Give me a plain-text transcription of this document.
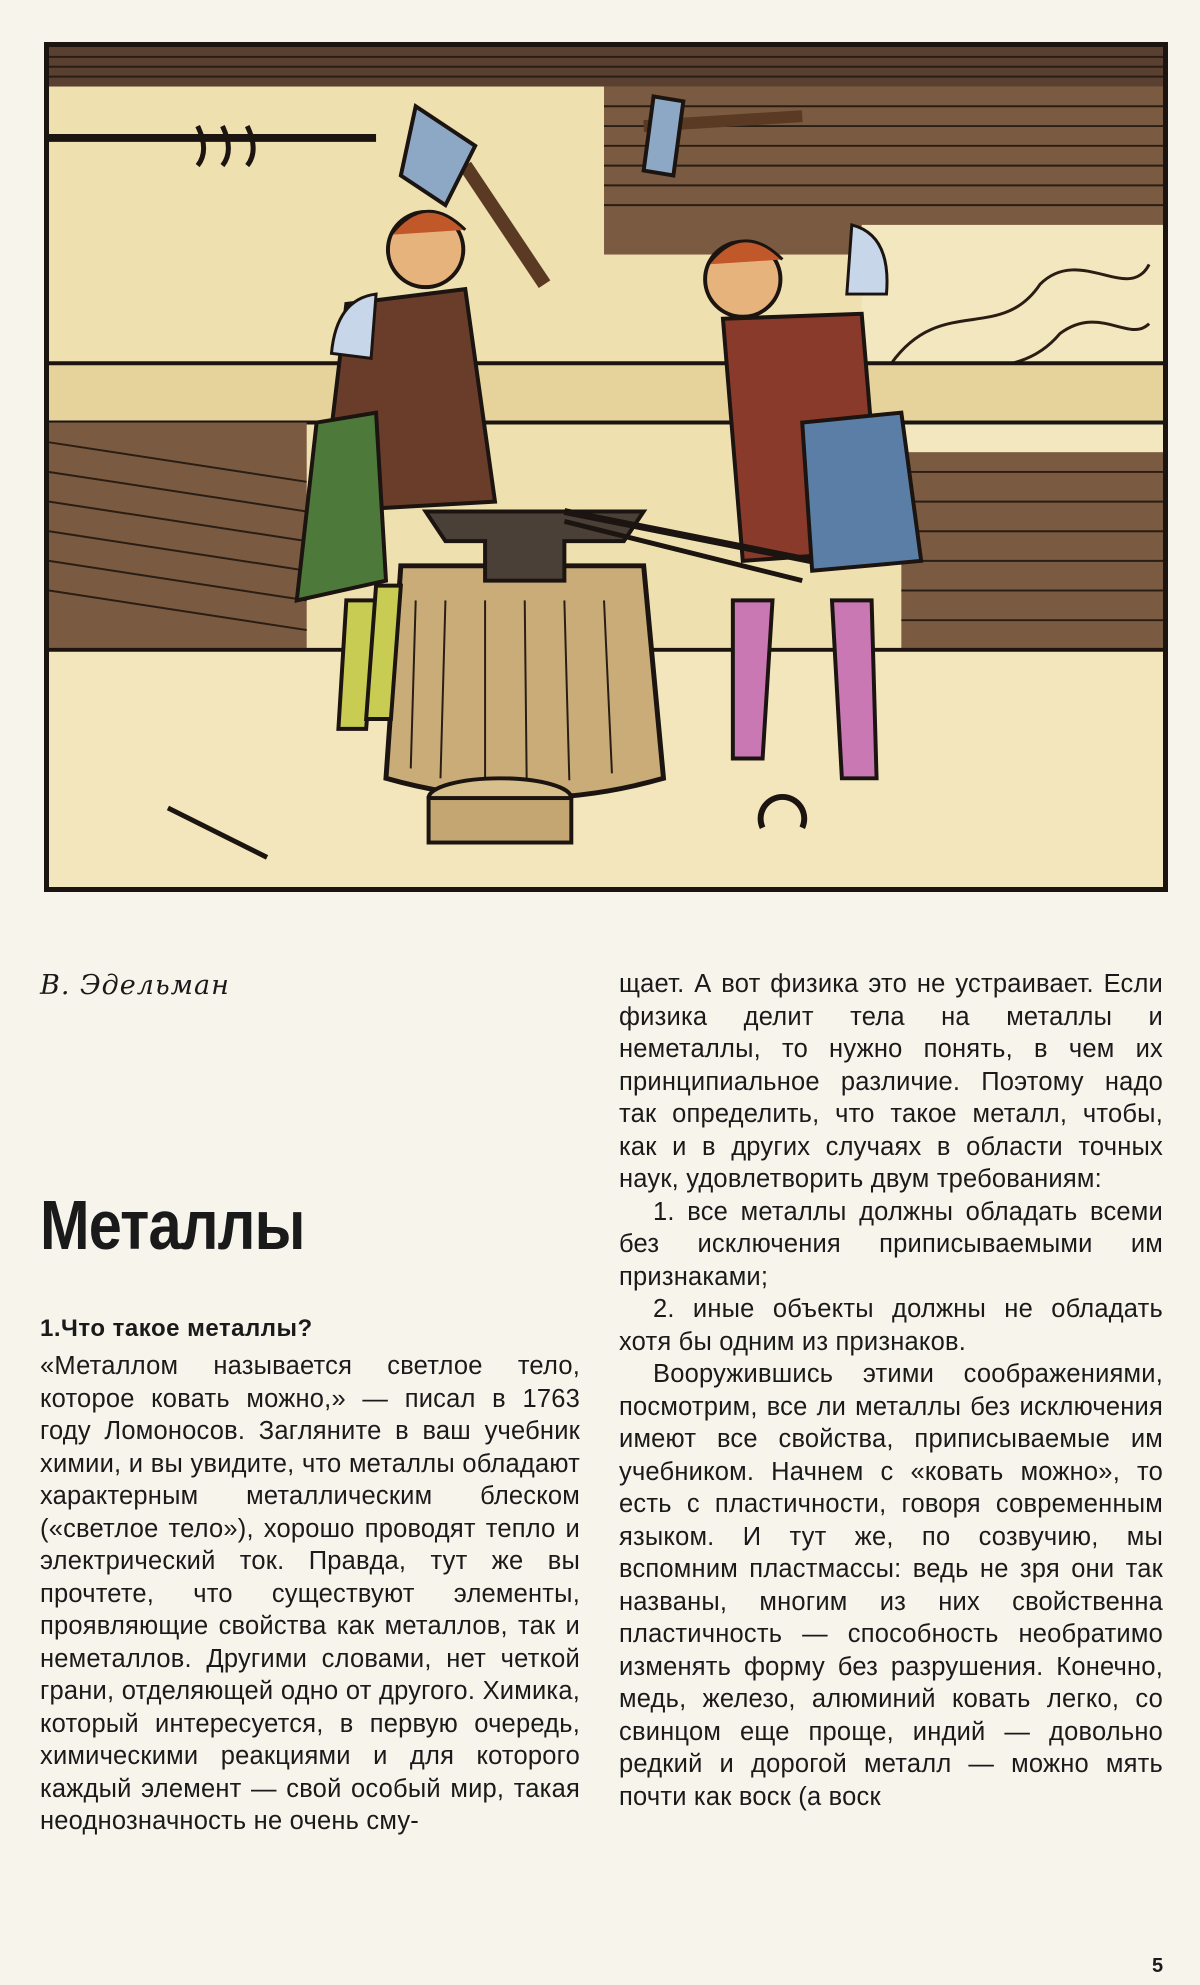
В. Эдельман
Металлы
1.Что такое металлы?

«Металлом называется светлое тело, которое ковать можно,» — писал в 1763 году Ломоносов. Загляните в ваш учебник химии, и вы увидите, что металлы обладают характерным металлическим блеском («светлое тело»), хорошо проводят тепло и электрический ток. Правда, тут же вы прочтете, что существуют элементы, проявляющие свойства как металлов, так и неметаллов. Другими словами, нет четкой грани, отделяющей одно от другого. Химика, который интересуется, в первую очередь, химическими реакциями и для которого каждый элемент — свой особый мир, такая неоднозначность не очень сму-

щает. А вот физика это не устраивает. Если физика делит тела на металлы и неметаллы, то нужно понять, в чем их принципиальное различие. Поэтому надо так определить, что такое металл, чтобы, как и в других случаях в области точных наук, удовлетворить двум требованиям:

1. все металлы должны обладать всеми без исключения приписываемыми им признаками;

2. иные объекты должны не обладать хотя бы одним из признаков.

Вооружившись этими соображениями, посмотрим, все ли металлы без исключения имеют все свойства, приписываемые им учебником. Начнем с «ковать можно», то есть с пластичности, говоря современным языком. И тут же, по созвучию, мы вспомним пластмассы: ведь не зря они так названы, многим из них свойственна пластичность — способность необратимо изменять форму без разрушения. Конечно, медь, железо, алюминий ковать легко, со свинцом еще проще, индий — довольно редкий и дорогой металл — можно мять почти как воск (а воск

5
